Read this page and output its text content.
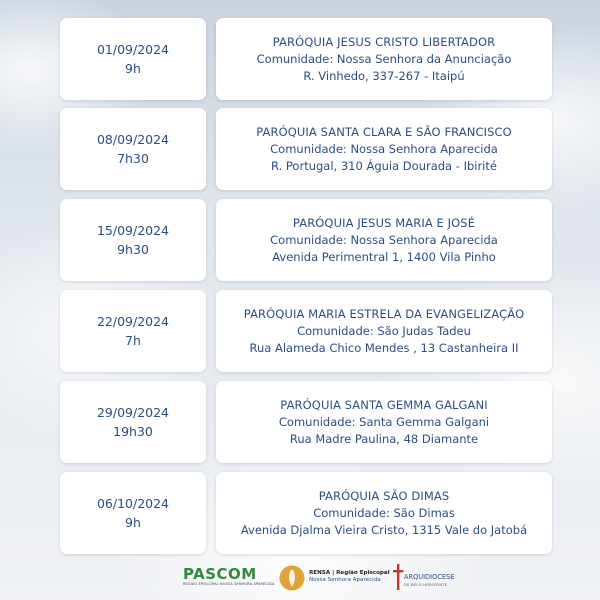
01/09/2024
9h
PARÓQUIA JESUS CRISTO LIBERTADOR
Comunidade: Nossa Senhora da Anunciação
R. Vinhedo, 337-267 - Itaipú
08/09/2024
7h30
PARÓQUIA SANTA CLARA E SÃO FRANCISCO
Comunidade: Nossa Senhora Aparecida
R. Portugal, 310 Águia Dourada - Ibirité
15/09/2024
9h30
PARÓQUIA JESUS MARIA E JOSÉ
Comunidade: Nossa Senhora Aparecida
Avenida Perimentral 1, 1400 Vila Pinho
22/09/2024
7h
PARÓQUIA MARIA ESTRELA DA EVANGELIZAÇÃO
Comunidade: São Judas Tadeu
Rua Alameda Chico Mendes , 13 Castanheira II
29/09/2024
19h30
PARÓQUIA SANTA GEMMA GALGANI
Comunidade: Santa Gemma Galgani
Rua Madre Paulina, 48 Diamante
06/10/2024
9h
PARÓQUIA SÃO DIMAS
Comunidade: São Dimas
Avenida Djalma Vieira Cristo, 1315 Vale do Jatobá
PASCOM
REGIÃO EPISCOPAL NOSSA SENHORA APARECIDA
RENSA | Região Episcopal
Nossa Senhora Aparecida	ARQUIDIOCESE
DE BELO HORIZONTE
